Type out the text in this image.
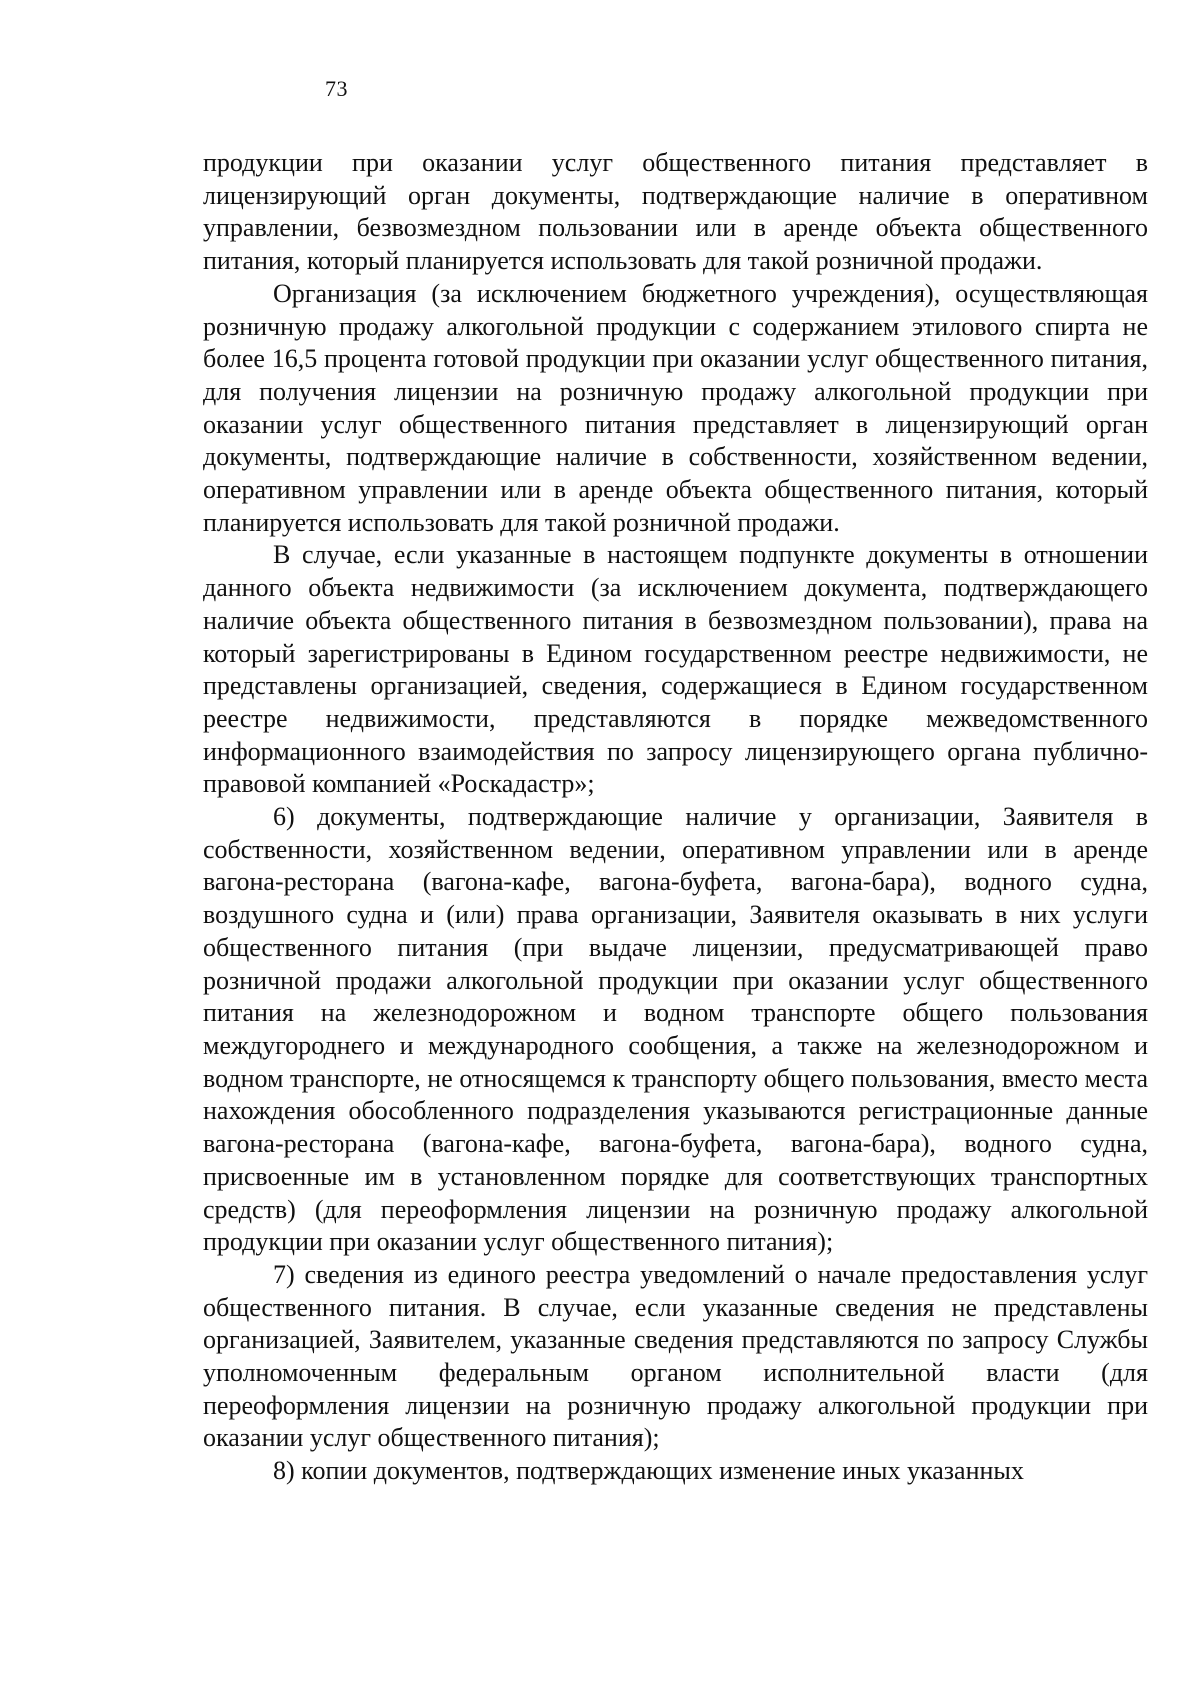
73

продукции при оказании услуг общественного питания представляет в лицензирующий орган документы, подтверждающие наличие в оперативном управлении, безвозмездном пользовании или в аренде объекта общественного питания, который планируется использовать для такой розничной продажи.

Организация (за исключением бюджетного учреждения), осуществляющая розничную продажу алкогольной продукции с содержанием этилового спирта не более 16,5 процента готовой продукции при оказании услуг общественного питания, для получения лицензии на розничную продажу алкогольной продукции при оказании услуг общественного питания представляет в лицензирующий орган документы, подтверждающие наличие в собственности, хозяйственном ведении, оперативном управлении или в аренде объекта общественного питания, который планируется использовать для такой розничной продажи.

В случае, если указанные в настоящем подпункте документы в отношении данного объекта недвижимости (за исключением документа, подтверждающего наличие объекта общественного питания в безвозмездном пользовании), права на который зарегистрированы в Едином государственном реестре недвижимости, не представлены организацией, сведения, содержащиеся в Едином государственном реестре недвижимости, представляются в порядке межведомственного информационного взаимодействия по запросу лицензирующего органа публично-правовой компанией «Роскадастр»;

6) документы, подтверждающие наличие у организации, Заявителя в собственности, хозяйственном ведении, оперативном управлении или в аренде вагона-ресторана (вагона-кафе, вагона-буфета, вагона-бара), водного судна, воздушного судна и (или) права организации, Заявителя оказывать в них услуги общественного питания (при выдаче лицензии, предусматривающей право розничной продажи алкогольной продукции при оказании услуг общественного питания на железнодорожном и водном транспорте общего пользования междугороднего и международного сообщения, а также на железнодорожном и водном транспорте, не относящемся к транспорту общего пользования, вместо места нахождения обособленного подразделения указываются регистрационные данные вагона-ресторана (вагона-кафе, вагона-буфета, вагона-бара), водного судна, присвоенные им в установленном порядке для соответствующих транспортных средств) (для переоформления лицензии на розничную продажу алкогольной продукции при оказании услуг общественного питания);

7) сведения из единого реестра уведомлений о начале предоставления услуг общественного питания. В случае, если указанные сведения не представлены организацией, Заявителем, указанные сведения представляются по запросу Службы уполномоченным федеральным органом исполнительной власти (для переоформления лицензии на розничную продажу алкогольной продукции при оказании услуг общественного питания);

8) копии документов, подтверждающих изменение иных указанных
